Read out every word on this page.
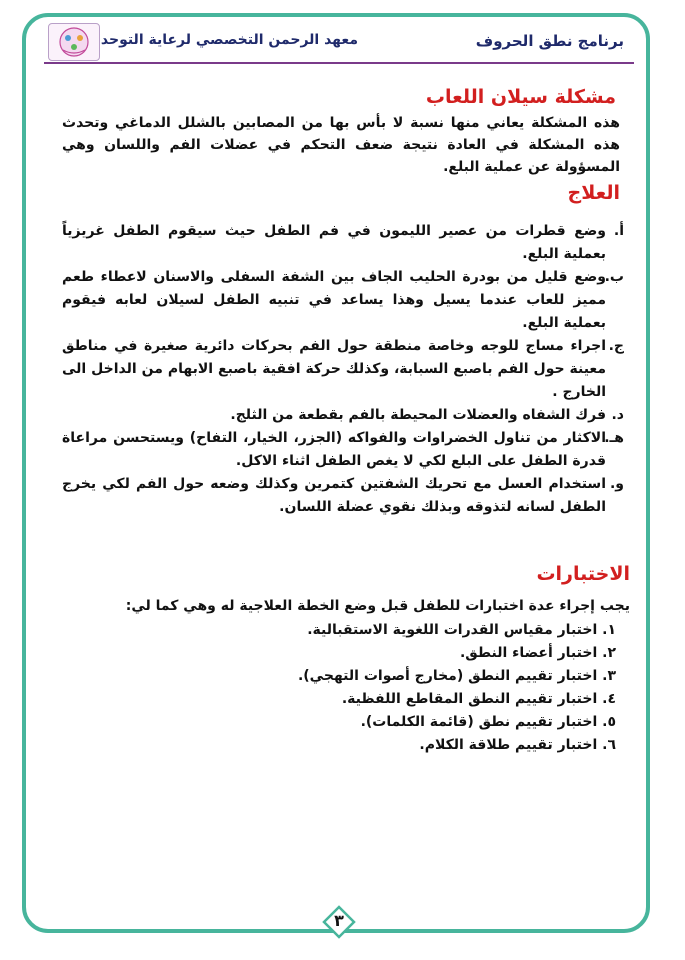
برنامج نطق الحروف
معهد الرحمن التخصصي لرعاية التوحد
مشكلة سيلان اللعاب

هذه المشكلة يعاني منها نسبة لا بأس بها من المصابين بالشلل الدماغي وتحدث هذه المشكلة في العادة نتيجة ضعف التحكم في عضلات الفم واللسان وهي المسؤولة عن عملية البلع.

العلاج
أ.
وضع قطرات من عصير الليمون في فم الطفل حيث سيقوم الطفل غريزياً بعملية البلع.
ب.
وضع قليل من بودرة الحليب الجاف بين الشفة السفلى والاسنان لاعطاء طعم مميز للعاب عندما يسيل وهذا يساعد في تنبيه الطفل لسيلان لعابه فيقوم بعملية البلع.
ج.
اجراء مساج للوجه وخاصة منطقة حول الفم بحركات دائرية صغيرة في مناطق معينة حول الفم باصبع السبابة، وكذلك حركة افقية باصبع الابهام من الداخل الى الخارج .
د.
فرك الشفاه والعضلات المحيطة بالفم بقطعة من الثلج.
هـ.
الاكثار من تناول الخضراوات والفواكه (الجزر، الخيار، التفاح) ويستحسن مراعاة قدرة الطفل على البلع لكي لا يغص الطفل اثناء الاكل.
و.
استخدام العسل مع تحريك الشفتين كتمرين وكذلك وضعه حول الفم لكي يخرج الطفل لسانه لتذوقه وبذلك نقوي عضلة اللسان.
الاختبارات

يجب إجراء عدة اختبارات للطفل قبل وضع الخطة العلاجية له وهي كما لي:

١. اختبار مقياس القدرات اللغوية الاستقبالية.
٢. اختبار أعضاء النطق.
٣. اختبار تقييم النطق (مخارج أصوات التهجي).
٤. اختبار تقييم النطق المقاطع اللفظية.
٥. اختبار تقييم نطق (قائمة الكلمات).
٦. اختبار تقييم طلاقة الكلام.
٣
